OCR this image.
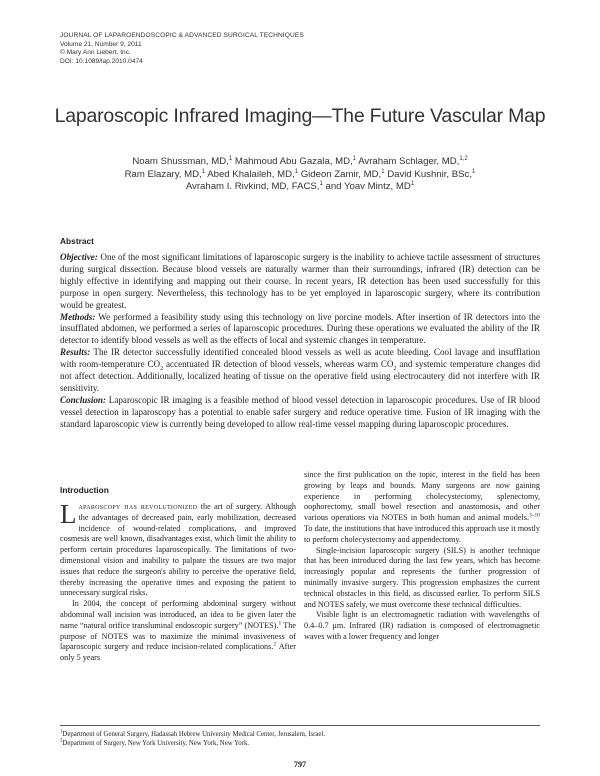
JOURNAL OF LAPAROENDOSCOPIC & ADVANCED SURGICAL TECHNIQUES
Volume 21, Number 9, 2011
© Mary Ann Liebert, Inc.
DOI: 10.1089/lap.2010.0474
Laparoscopic Infrared Imaging—The Future Vascular Map
Noam Shussman, MD,$^1$ Mahmoud Abu Gazala, MD,$^1$ Avraham Schlager, MD,$^{1,2}$
Ram Elazary, MD,$^1$ Abed Khalaileh, MD,$^1$ Gideon Zamir, MD,$^1$ David Kushnir, BSc,$^1$
Avraham I. Rivkind, MD, FACS,$^1$ and Yoav Mintz, $MD^1$
Abstract

Objective: One of the most significant limitations of laparoscopic surgery is the inability to achieve tactile assessment of structures during surgical dissection. Because blood vessels are naturally warmer than their surroundings, infrared (IR) detection can be highly effective in identifying and mapping out their course. In recent years, IR detection has been used successfully for this purpose in open surgery. Nevertheless, this technology has to be yet employed in laparoscopic surgery, where its contribution would be greatest.

Methods: We performed a feasibility study using this technology on live porcine models. After insertion of IR detectors into the insufflated abdomen, we performed a series of laparoscopic procedures. During these operations we evaluated the ability of the IR detector to identify blood vessels as well as the effects of local and systemic changes in temperature.

Results: The IR detector successfully identified concealed blood vessels as well as acute bleeding. Cool lavage and insufflation with room-temperature $CO_2$ accentuated IR detection of blood vessels, whereas warm $CO_2$ and systemic temperature changes did not affect detection. Additionally, localized heating of tissue on the operative field using electrocautery did not interfere with IR sensitivity.

Conclusion: Laparoscopic IR imaging is a feasible method of blood vessel detection in laparoscopic procedures. Use of IR blood vessel detection in laparoscopy has a potential to enable safer surgery and reduce operative time. Fusion of IR imaging with the standard laparoscopic view is currently being developed to allow real-time vessel mapping during laparoscopic procedures.

Introduction

Laparoscopy has revolutionized the art of surgery. Although the advantages of decreased pain, early mobilization, decreased incidence of wound-related complications, and improved cosmesis are well known, disadvantages exist, which limit the ability to perform certain procedures laparoscopically. The limitations of two-dimensional vision and inability to palpate the tissues are two major issues that reduce the surgeon's ability to perceive the operative field, thereby increasing the operative times and exposing the patient to unnecessary surgical risks.

In 2004, the concept of performing abdominal surgery without abdominal wall incision was introduced, an idea to be given later the name “natural orifice transluminal endoscopic surgery” (NOTES).$^1$ The purpose of NOTES was to maximize the minimal invasiveness of laparoscopic surgery and reduce incision-related complications.$^2$ After only 5 years

since the first publication on the topic, interest in the field has been growing by leaps and bounds. Many surgeons are now gaining experience in performing cholecystectomy, splenectomy, oophorectomy, small bowel resection and anastomosis, and other various operations via NOTES in both human and animal models.$^{3-10}$ To date, the institutions that have introduced this approach use it mostly to perform cholecystectomy and appendectomy.

Single-incision laparoscopic surgery (SILS) is another technique that has been introduced during the last few years, which has become increasingly popular and represents the further progression of minimally invasive surgery. This progression emphasizes the current technical obstacles in this field, as discussed earlier. To perform SILS and NOTES safely, we must overcome these technical difficulties.

Visible light is an electromagnetic radiation with wavelengths of 0.4–0.7 μm. Infrared (IR) radiation is composed of electromagnetic waves with a lower frequency and longer

$^1$Department of General Surgery, Hadassah Hebrew University Medical Center, Jerusalem, Israel.
$^2$Department of Surgery, New York University, New York, New York.
797
